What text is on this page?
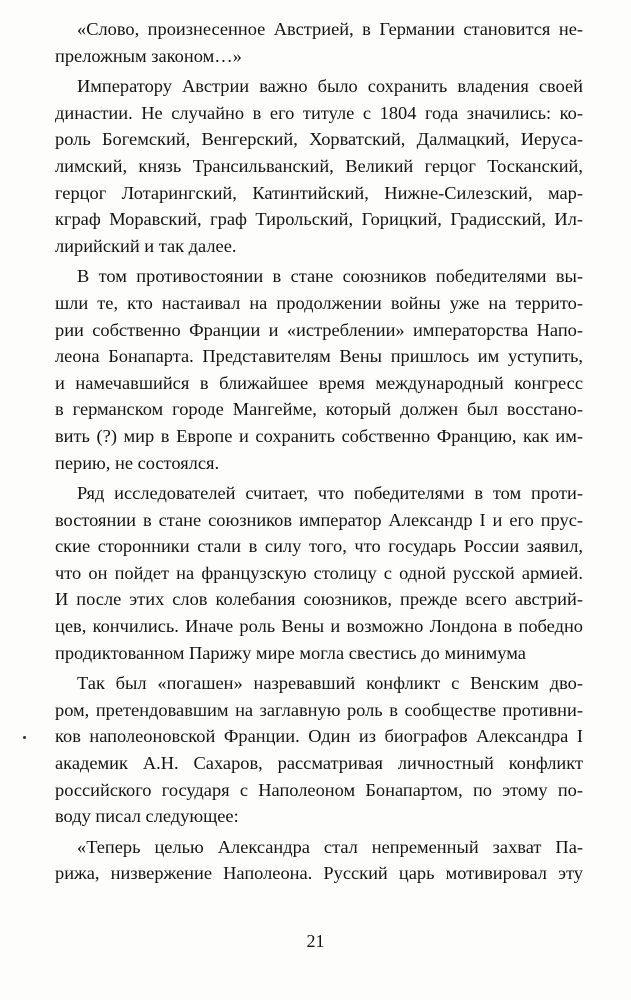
«Слово, произнесенное Австрией, в Германии становится не-
преложным законом…»
Императору Австрии важно было сохранить владения своей
династии. Не случайно в его титуле с 1804 года значились: ко-
роль Богемский, Венгерский, Хорватский, Далмацкий, Иеруса-
лимский, князь Трансильванский, Великий герцог Тосканский,
герцог Лотарингский, Катинтийский, Нижне-Силезский, мар-
кграф Моравский, граф Тирольский, Горицкий, Градисский, Ил-
лирийский и так далее.
В том противостоянии в стане союзников победителями вы-
шли те, кто настаивал на продолжении войны уже на террито-
рии собственно Франции и «истреблении» императорства Напо-
леона Бонапарта. Представителям Вены пришлось им уступить,
и намечавшийся в ближайшее время международный конгресс
в германском городе Мангейме, который должен был восстано-
вить (?) мир в Европе и сохранить собственно Францию, как им-
перию, не состоялся.
Ряд исследователей считает, что победителями в том проти-
востоянии в стане союзников император Александр I и его прус-
ские сторонники стали в силу того, что государь России заявил,
что он пойдет на французскую столицу с одной русской армией.
И после этих слов колебания союзников, прежде всего австрий-
цев, кончились. Иначе роль Вены и возможно Лондона в победно
продиктованном Парижу мире могла свестись до минимума
Так был «погашен» назревавший конфликт с Венским дво-
ром, претендовавшим на заглавную роль в сообществе противни-
ков наполеоновской Франции. Один из биографов Александра I
академик А.Н. Сахаров, рассматривая личностный конфликт
российского государя с Наполеоном Бонапартом, по этому по-
воду писал следующее:
«Теперь целью Александра стал непременный захват Па-
рижа, низвержение Наполеона. Русский царь мотивировал эту
21
